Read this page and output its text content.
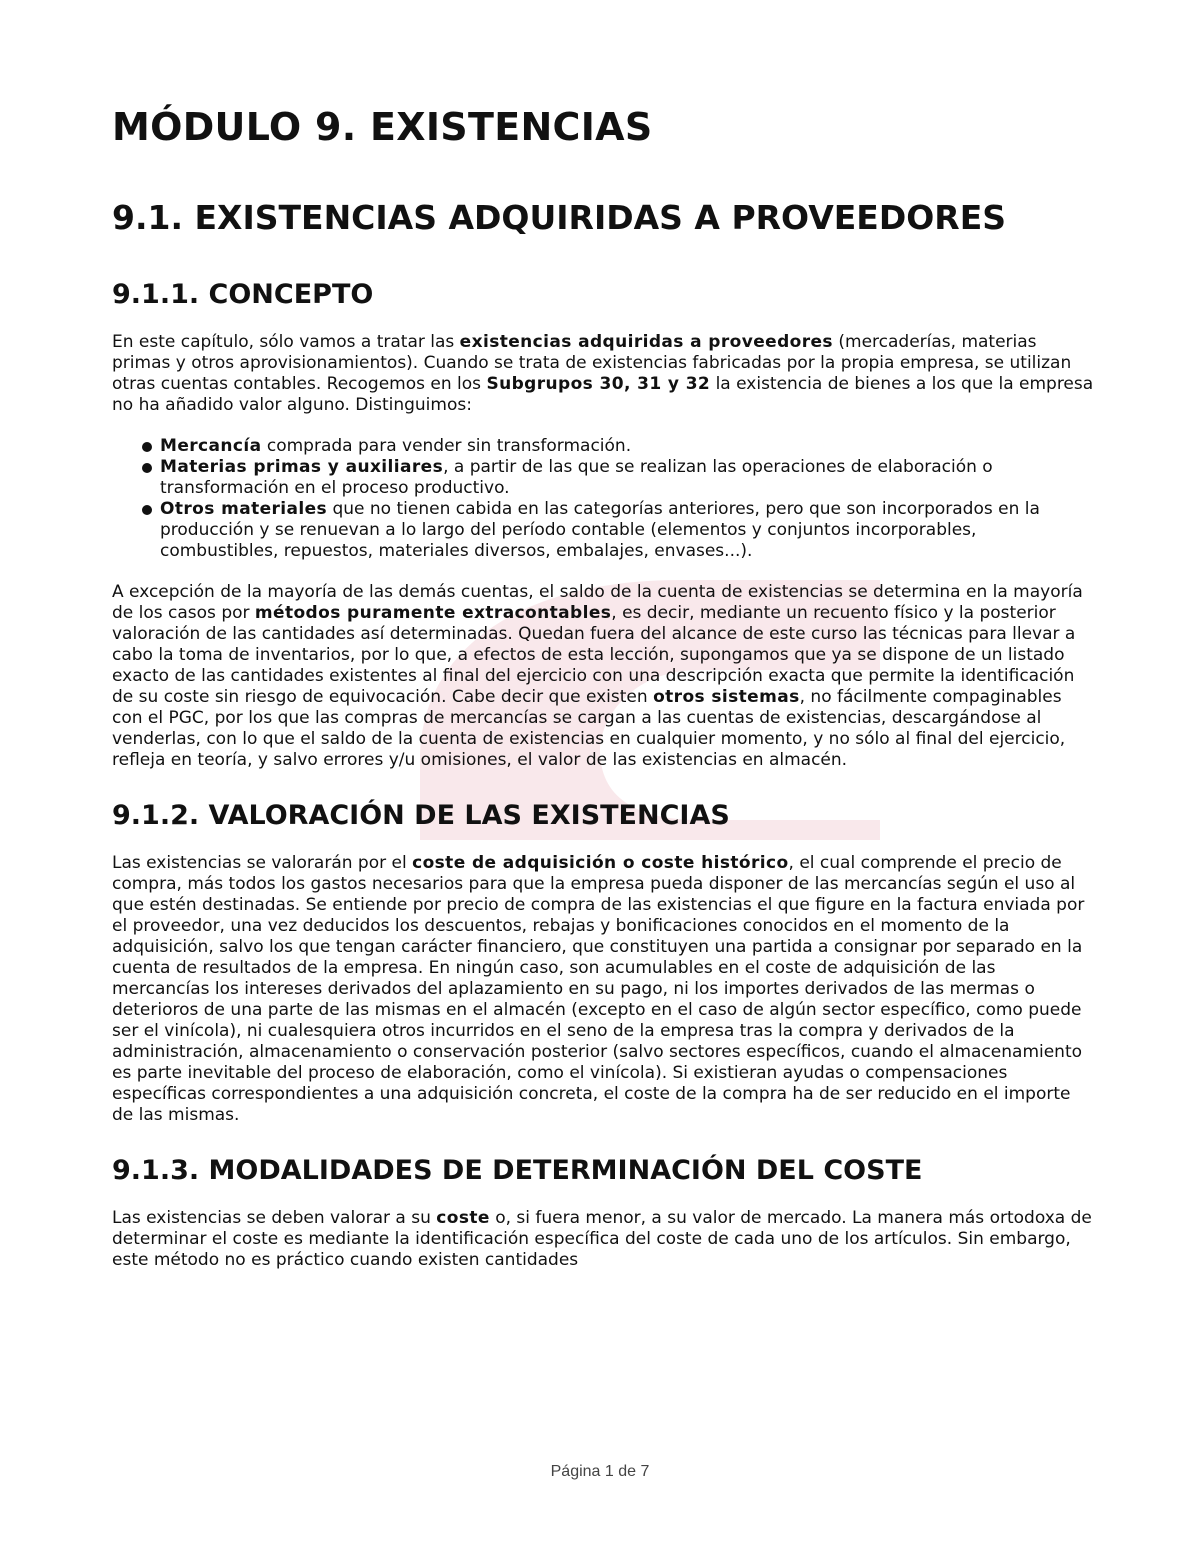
MÓDULO 9. EXISTENCIAS
9.1. EXISTENCIAS ADQUIRIDAS A PROVEEDORES
9.1.1. CONCEPTO

En este capítulo, sólo vamos a tratar las existencias adquiridas a proveedores (mercaderías, materias primas y otros aprovisionamientos). Cuando se trata de existencias fabricadas por la propia empresa, se utilizan otras cuentas contables. Recogemos en los Subgrupos 30, 31 y 32 la existencia de bienes a los que la empresa no ha añadido valor alguno. Distinguimos:

Mercancía comprada para vender sin transformación.
Materias primas y auxiliares, a partir de las que se realizan las operaciones de elaboración o transformación en el proceso productivo.
Otros materiales que no tienen cabida en las categorías anteriores, pero que son incorporados en la producción y se renuevan a lo largo del período contable (elementos y conjuntos incorporables, combustibles, repuestos, materiales diversos, embalajes, envases...).

A excepción de la mayoría de las demás cuentas, el saldo de la cuenta de existencias se determina en la mayoría de los casos por métodos puramente extracontables, es decir, mediante un recuento físico y la posterior valoración de las cantidades así determinadas. Quedan fuera del alcance de este curso las técnicas para llevar a cabo la toma de inventarios, por lo que, a efectos de esta lección, supongamos que ya se dispone de un listado exacto de las cantidades existentes al final del ejercicio con una descripción exacta que permite la identificación de su coste sin riesgo de equivocación. Cabe decir que existen otros sistemas, no fácilmente compaginables con el PGC, por los que las compras de mercancías se cargan a las cuentas de existencias, descargándose al venderlas, con lo que el saldo de la cuenta de existencias en cualquier momento, y no sólo al final del ejercicio, refleja en teoría, y salvo errores y/u omisiones, el valor de las existencias en almacén.

9.1.2. VALORACIÓN DE LAS EXISTENCIAS

Las existencias se valorarán por el coste de adquisición o coste histórico, el cual comprende el precio de compra, más todos los gastos necesarios para que la empresa pueda disponer de las mercancías según el uso al que estén destinadas. Se entiende por precio de compra de las existencias el que figure en la factura enviada por el proveedor, una vez deducidos los descuentos, rebajas y bonificaciones conocidos en el momento de la adquisición, salvo los que tengan carácter financiero, que constituyen una partida a consignar por separado en la cuenta de resultados de la empresa. En ningún caso, son acumulables en el coste de adquisición de las mercancías los intereses derivados del aplazamiento en su pago, ni los importes derivados de las mermas o deterioros de una parte de las mismas en el almacén (excepto en el caso de algún sector específico, como puede ser el vinícola), ni cualesquiera otros incurridos en el seno de la empresa tras la compra y derivados de la administración, almacenamiento o conservación posterior (salvo sectores específicos, cuando el almacenamiento es parte inevitable del proceso de elaboración, como el vinícola). Si existieran ayudas o compensaciones específicas correspondientes a una adquisición concreta, el coste de la compra ha de ser reducido en el importe de las mismas.

9.1.3. MODALIDADES DE DETERMINACIÓN DEL COSTE

Las existencias se deben valorar a su coste o, si fuera menor, a su valor de mercado. La manera más ortodoxa de determinar el coste es mediante la identificación específica del coste de cada uno de los artículos. Sin embargo, este método no es práctico cuando existen cantidades

Página 1 de 7
